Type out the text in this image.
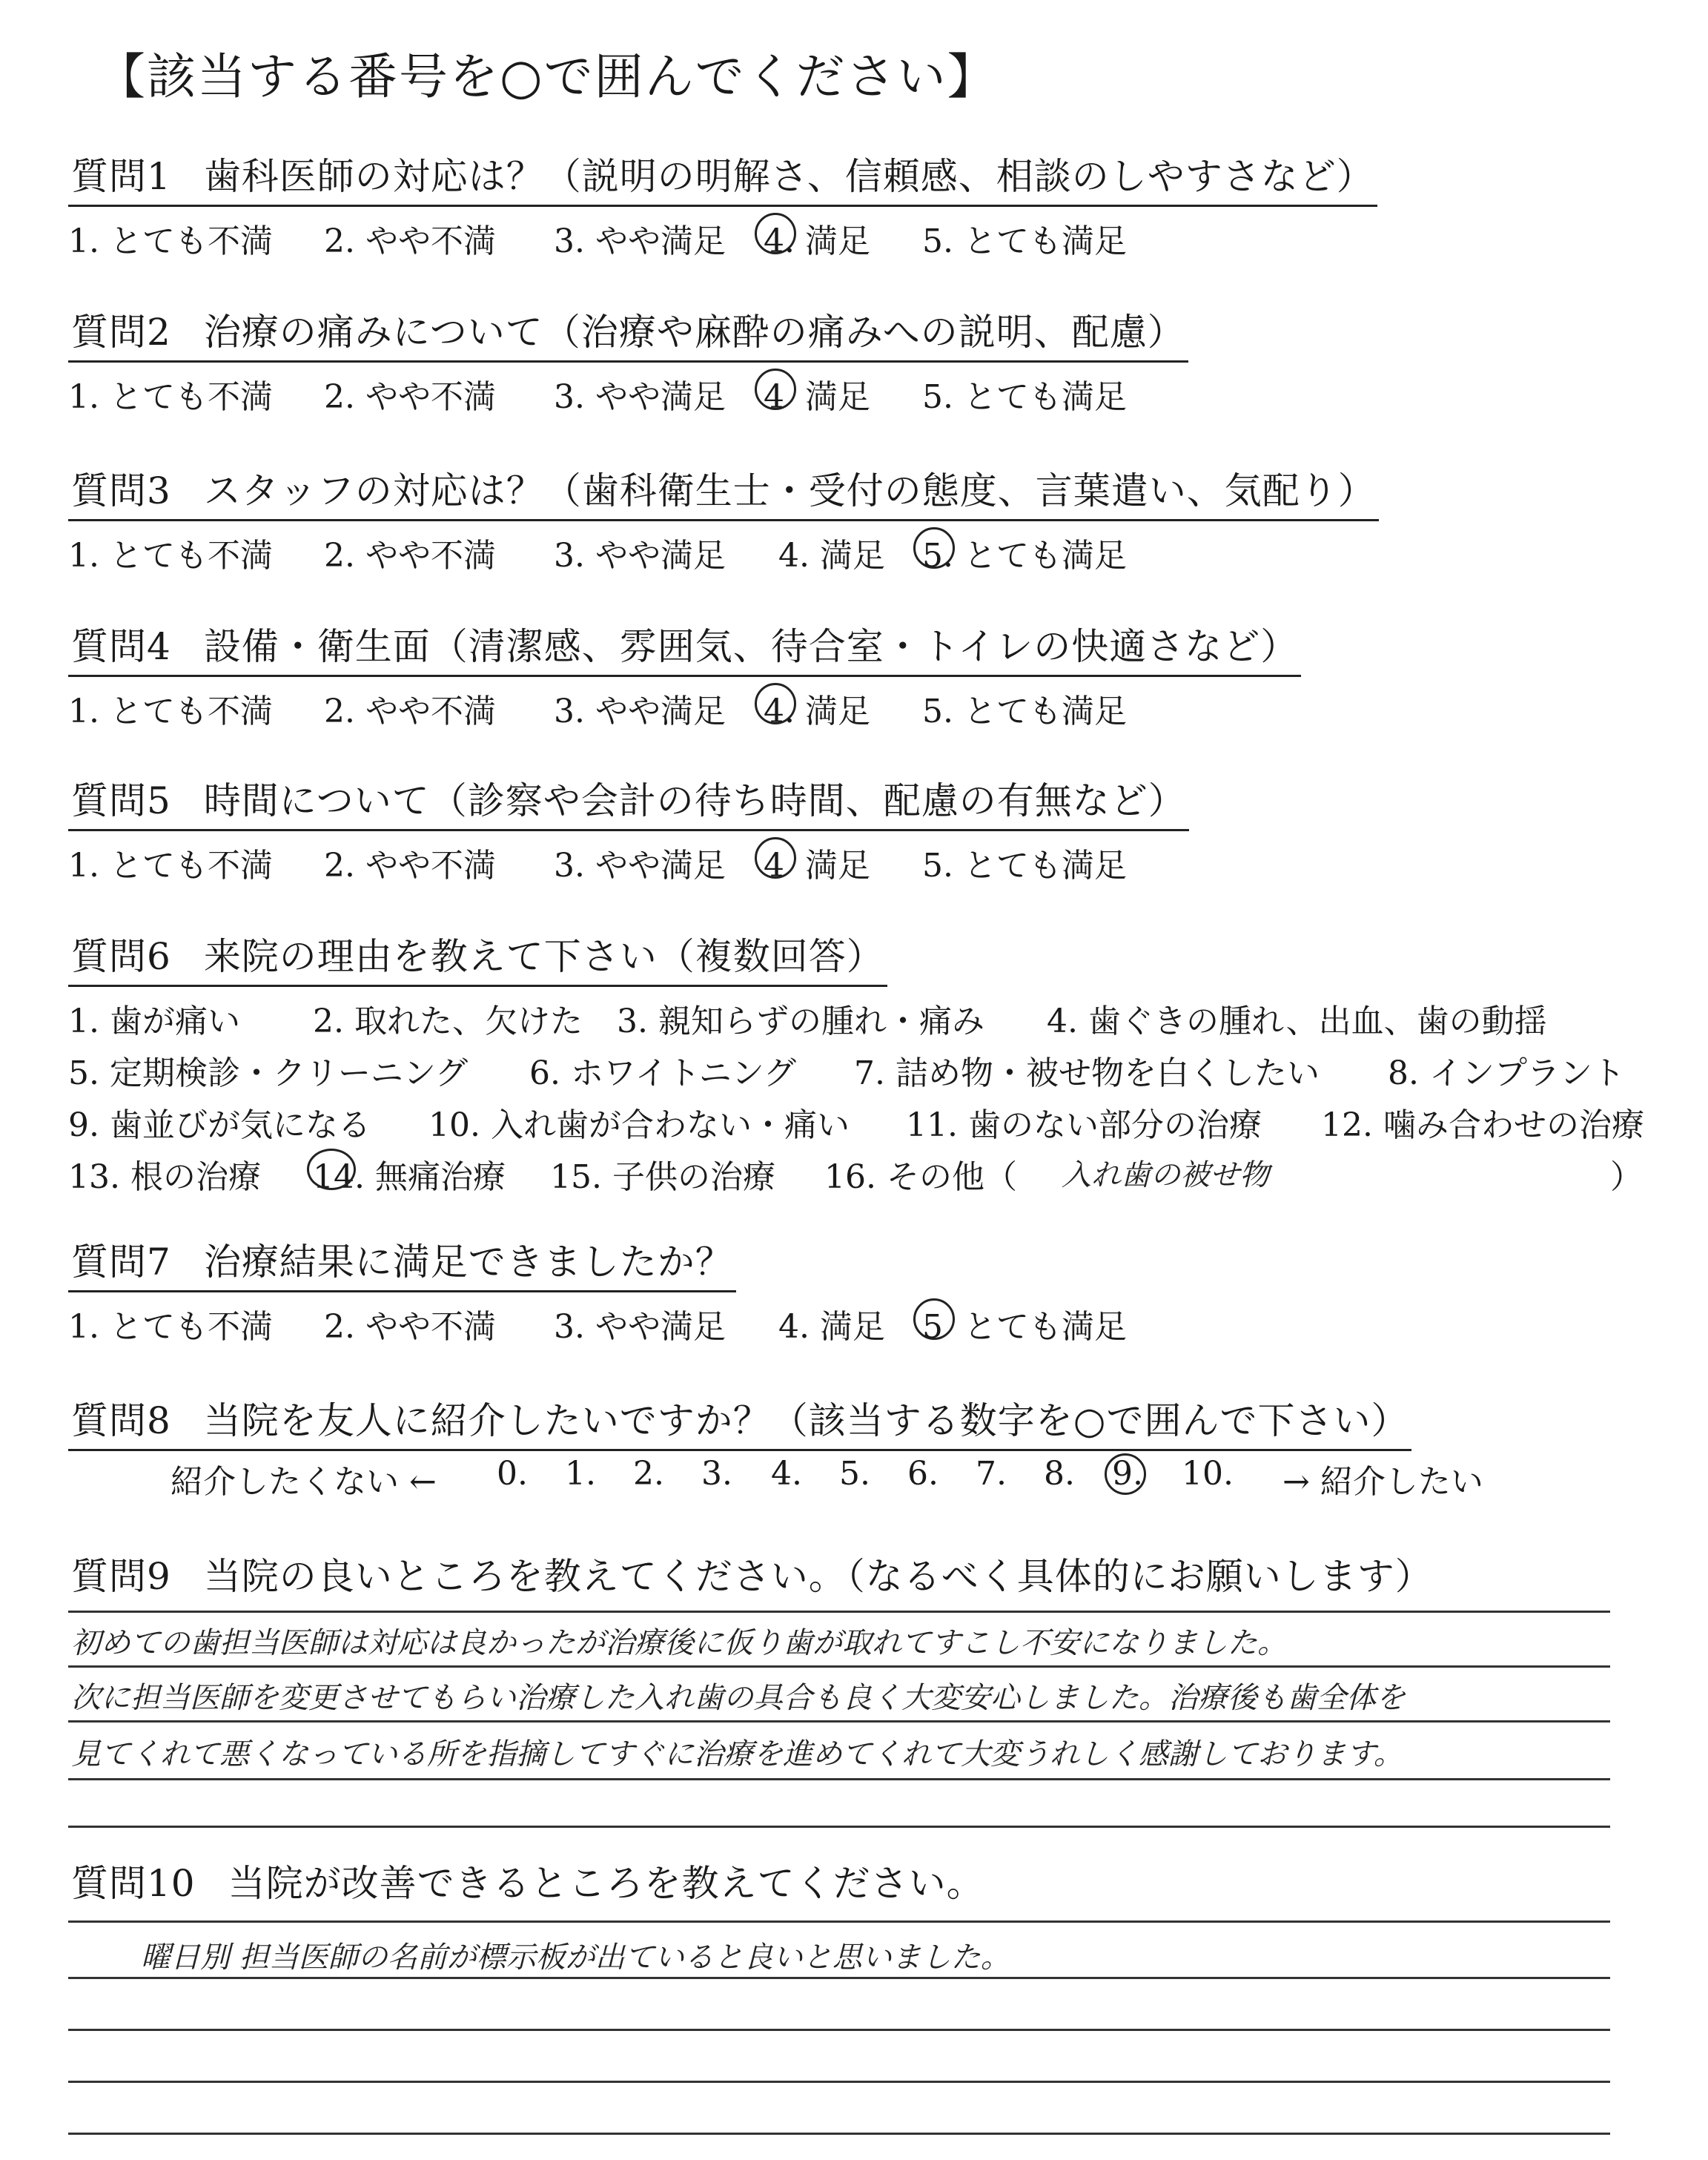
【該当する番号を○で囲んでください】
質問1 歯科医師の対応は？（説明の明解さ、信頼感、相談のしやすさなど）
1. とても不満 2. やや不満 3. やや満足 4. 満足 5. とても満足
質問2 治療の痛みについて（治療や麻酔の痛みへの説明、配慮）
1. とても不満 2. やや不満 3. やや満足 4  満足 5. とても満足
質問3 スタッフの対応は？（歯科衛生士・受付の態度、言葉遣い、気配り）
1. とても不満 2. やや不満 3. やや満足 4. 満足 5. とても満足
質問4 設備・衛生面（清潔感、雰囲気、待合室・トイレの快適さなど）
1. とても不満 2. やや不満 3. やや満足 4. 満足 5. とても満足
質問5 時間について（診察や会計の待ち時間、配慮の有無など）
1. とても不満 2. やや不満 3. やや満足 4  満足 5. とても満足
質問6 来院の理由を教えて下さい（複数回答）
1. 歯が痛い 2. 取れた、欠けた 3. 親知らずの腫れ・痛み 4. 歯ぐきの腫れ、出血、歯の動揺
5. 定期検診・クリーニング 6. ホワイトニング 7. 詰め物・被せ物を白くしたい 8. インプラント
9. 歯並びが気になる 10. 入れ歯が合わない・痛い 11. 歯のない部分の治療 12. 噛み合わせの治療
13. 根の治療 14. 無痛治療 15. 子供の治療 16. その他（ 入れ歯の被せ物	）
質問7 治療結果に満足できましたか？
1. とても不満 2. やや不満 3. やや満足 4. 満足 5  とても満足
質問8 当院を友人に紹介したいですか？（該当する数字を○で囲んで下さい）
紹介したくない ← 0. 1. 2. 3. 4. 5. 6. 7. 8. 9. 10. → 紹介したい
質問9 当院の良いところを教えてください。（なるべく具体的にお願いします）
初めての歯担当医師は対応は良かったが治療後に仮り歯が取れてすこし不安になりました。
次に担当医師を変更させてもらい治療した入れ歯の具合も良く大変安心しました。治療後も歯全体を
見てくれて悪くなっている所を指摘してすぐに治療を進めてくれて大変うれしく感謝しております。
質問10 当院が改善できるところを教えてください。
曜日別 担当医師の名前が標示板が出ていると良いと思いました。
